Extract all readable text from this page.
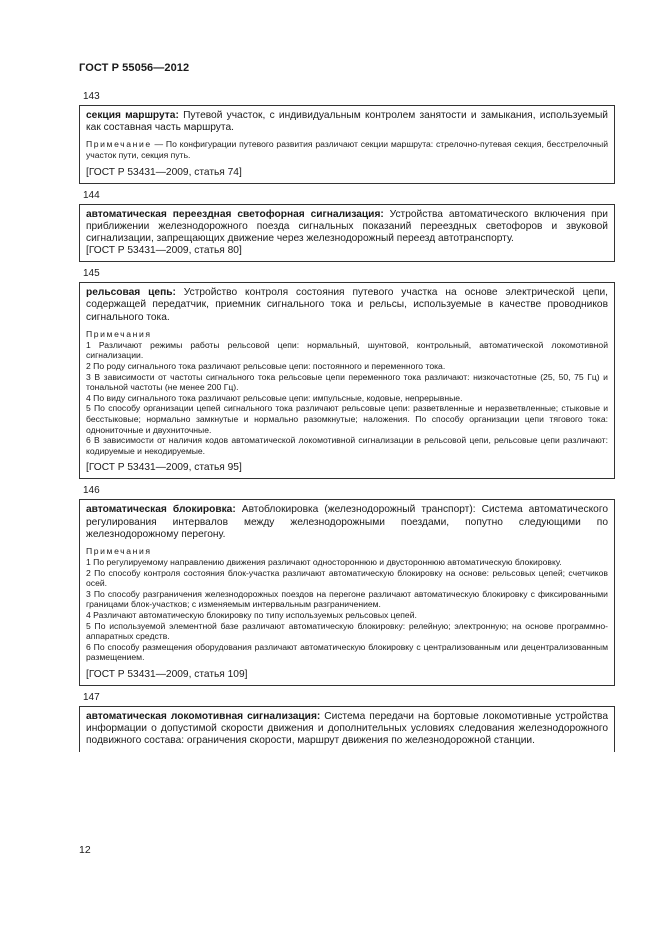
ГОСТ Р 55056—2012
143

секция маршрута: Путевой участок, с индивидуальным контролем занятости и замыкания, используемый как составная часть маршрута.

Примечание — По конфигурации путевого развития различают секции маршрута: стрелочно-путевая секция, бесстрелочный участок пути, секция путь.

[ГОСТ Р 53431—2009, статья 74]
144

автоматическая переездная светофорная сигнализация: Устройства автоматического включения при приближении железнодорожного поезда сигнальных показаний переездных светофоров и звуковой сигнализации, запрещающих движение через железнодорожный переезд автотранспорту.

[ГОСТ Р 53431—2009, статья 80]
145

рельсовая цепь: Устройство контроля состояния путевого участка на основе электрической цепи, содержащей передатчик, приемник сигнального тока и рельсы, используемые в качестве проводников сигнального тока.

Примечания

1 Различают режимы работы рельсовой цепи: нормальный, шунтовой, контрольный, автоматической локомотивной сигнализации.

2 По роду сигнального тока различают рельсовые цепи: постоянного и переменного тока.

3 В зависимости от частоты сигнального тока рельсовые цепи переменного тока различают: низкочастотные (25, 50, 75 Гц) и тональной частоты (не менее 200 Гц).

4 По виду сигнального тока различают рельсовые цепи: импульсные, кодовые, непрерывные.

5 По способу организации цепей сигнального тока различают рельсовые цепи: разветвленные и неразветвленные; стыковые и бесстыковые; нормально замкнутые и нормально разомкнутые; наложения. По способу организации цепи тягового тока: однониточные и двухниточные.

6 В зависимости от наличия кодов автоматической локомотивной сигнализации в рельсовой цепи, рельсовые цепи различают: кодируемые и некодируемые.

[ГОСТ Р 53431—2009, статья 95]
146

автоматическая блокировка: Автоблокировка (железнодорожный транспорт): Система автоматического регулирования интервалов между железнодорожными поездами, попутно следующими по железнодорожному перегону.

Примечания

1 По регулируемому направлению движения различают одностороннюю и двустороннюю автоматическую блокировку.

2 По способу контроля состояния блок-участка различают автоматическую блокировку на основе: рельсовых цепей; счетчиков осей.

3 По способу разграничения железнодорожных поездов на перегоне различают автоматическую блокировку с фиксированными границами блок-участков; с изменяемым интервальным разграничением.

4 Различают автоматическую блокировку по типу используемых рельсовых цепей.

5 По используемой элементной базе различают автоматическую блокировку: релейную; электронную; на основе программно-аппаратных средств.

6 По способу размещения оборудования различают автоматическую блокировку с централизованным или децентрализованным размещением.

[ГОСТ Р 53431—2009, статья 109]
147

автоматическая локомотивная сигнализация: Система передачи на бортовые локомотивные устройства информации о допустимой скорости движения и дополнительных условиях следования железнодорожного подвижного состава: ограничения скорости, маршрут движения по железнодорожной станции.

12
